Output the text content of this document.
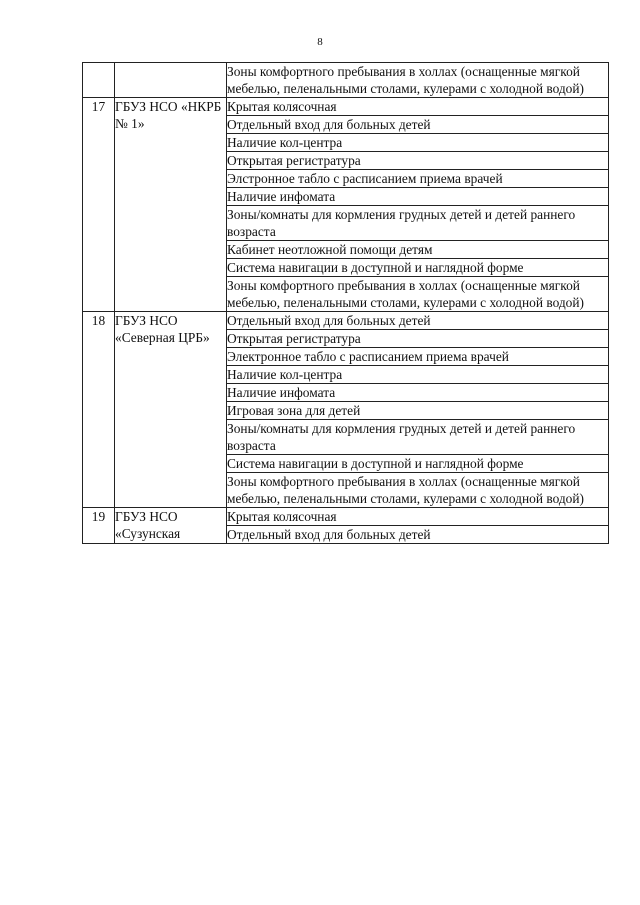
8
		Зоны комфортного пребывания в холлах (оснащенные мягкой мебелью, пеленальными столами, кулерами с холодной водой)
17	ГБУЗ НСО «НКРБ № 1»	Крытая колясочная
		Отдельный вход для больных детей
		Наличие кол-центра
		Открытая регистратура
		Элстронное табло с расписанием приема врачей
		Наличие инфомата
		Зоны/комнаты для кормления грудных детей и детей раннего возраста
		Кабинет неотложной помощи детям
		Система навигации в доступной и наглядной форме
		Зоны комфортного пребывания в холлах (оснащенные мягкой мебелью, пеленальными столами, кулерами с холодной водой)
18	ГБУЗ НСО «Северная ЦРБ»	Отдельный вход для больных детей
		Открытая регистратура
		Электронное табло с расписанием приема врачей
		Наличие кол-центра
		Наличие инфомата
		Игровая зона для детей
		Зоны/комнаты для кормления грудных детей и детей раннего возраста
		Система навигации в доступной и наглядной форме
		Зоны комфортного пребывания в холлах (оснащенные мягкой мебелью, пеленальными столами, кулерами с холодной водой)
19	ГБУЗ НСО «Сузунская	Крытая колясочная
		Отдельный вход для больных детей
